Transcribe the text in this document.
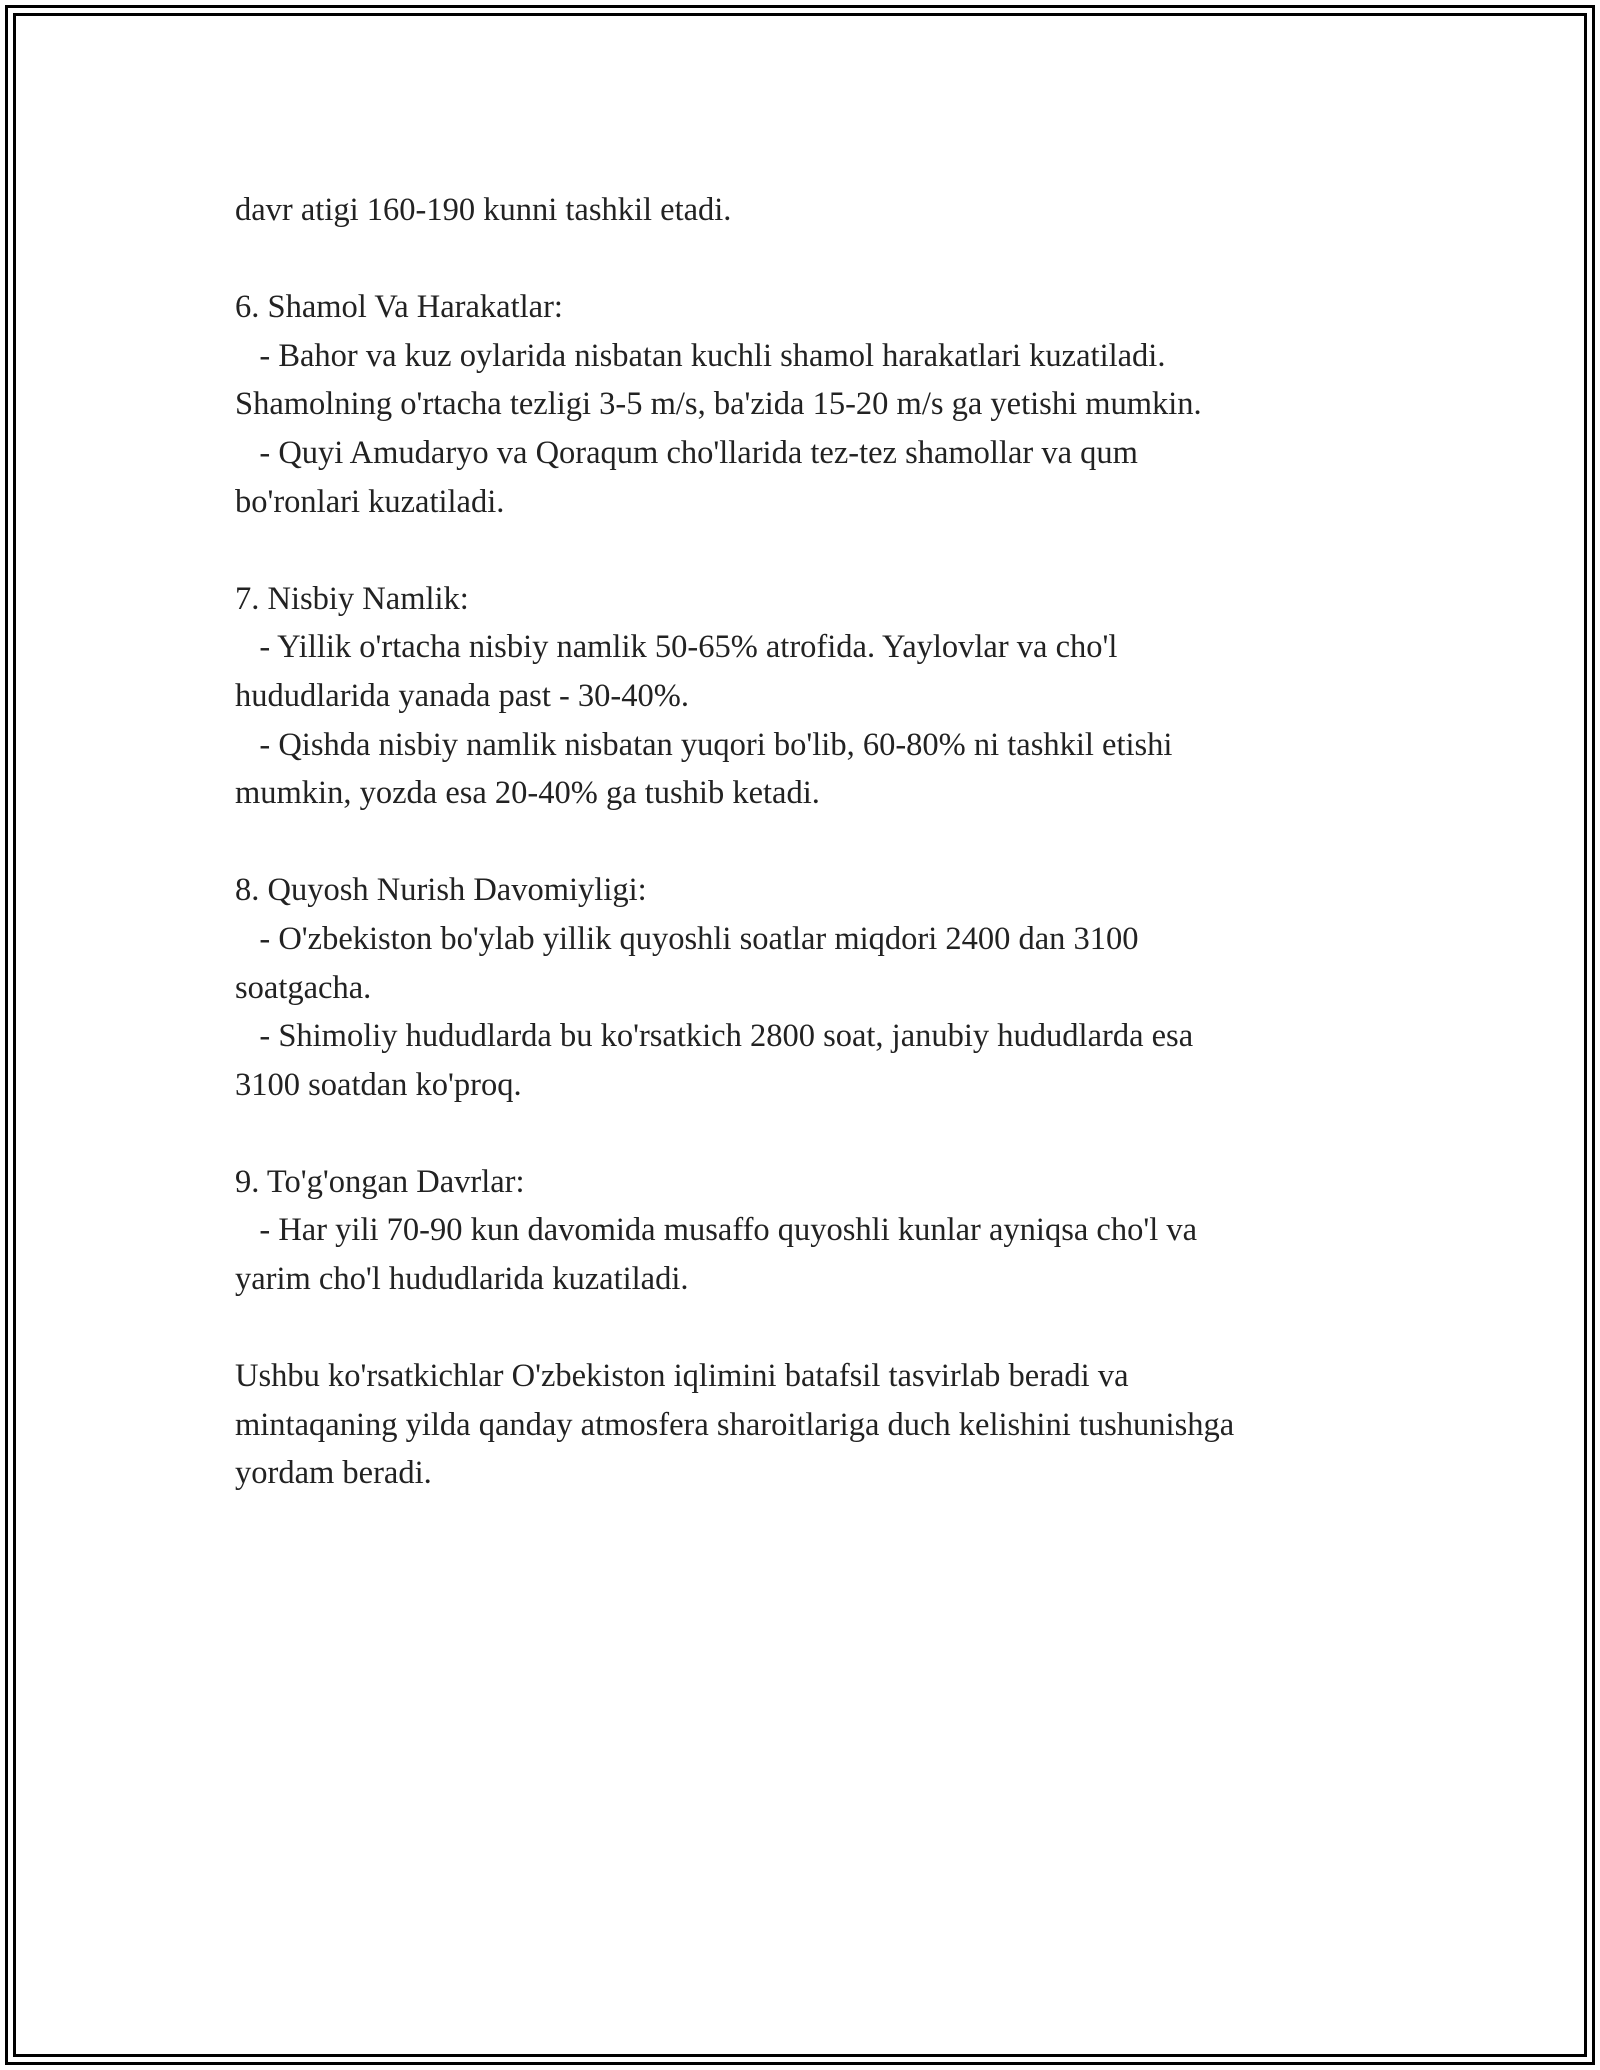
davr atigi 160-190 kunni tashkil etadi.
6. Shamol Va Harakatlar:
- Bahor va kuz oylarida nisbatan kuchli shamol harakatlari kuzatiladi.
Shamolning o'rtacha tezligi 3-5 m/s, ba'zida 15-20 m/s ga yetishi mumkin.
- Quyi Amudaryo va Qoraqum cho'llarida tez-tez shamollar va qum
bo'ronlari kuzatiladi.
7. Nisbiy Namlik:
- Yillik o'rtacha nisbiy namlik 50-65% atrofida. Yaylovlar va cho'l
hududlarida yanada past - 30-40%.
- Qishda nisbiy namlik nisbatan yuqori bo'lib, 60-80% ni tashkil etishi
mumkin, yozda esa 20-40% ga tushib ketadi.
8. Quyosh Nurish Davomiyligi:
- O'zbekiston bo'ylab yillik quyoshli soatlar miqdori 2400 dan 3100
soatgacha.
- Shimoliy hududlarda bu ko'rsatkich 2800 soat, janubiy hududlarda esa
3100 soatdan ko'proq.
9. To'g'ongan Davrlar:
- Har yili 70-90 kun davomida musaffo quyoshli kunlar ayniqsa cho'l va
yarim cho'l hududlarida kuzatiladi.
Ushbu ko'rsatkichlar O'zbekiston iqlimini batafsil tasvirlab beradi va
mintaqaning yilda qanday atmosfera sharoitlariga duch kelishini tushunishga
yordam beradi.
